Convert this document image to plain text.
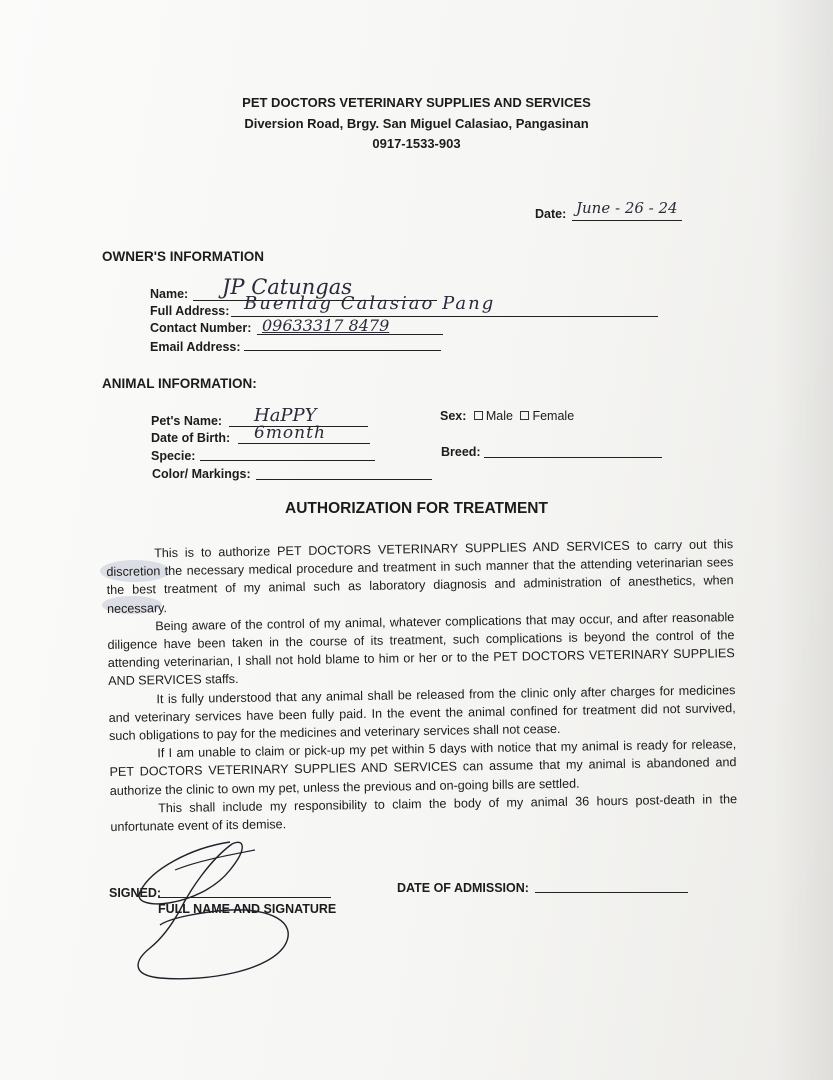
PET DOCTORS VETERINARY SUPPLIES AND SERVICES
Diversion Road, Brgy. San Miguel Calasiao, Pangasinan
0917-1533-903
Date: June - 26 - 24
OWNER'S INFORMATION
Name: JP Catungas
Full Address: Buenlag Calasiao Pang
Contact Number: 09633317 8479
Email Address:
ANIMAL INFORMATION:
Pet's Name: HaPPY
Date of Birth: 6month
Specie:
Color/ Markings:
Sex: Male Female
Breed:
AUTHORIZATION FOR TREATMENT

This is to authorize PET DOCTORS VETERINARY SUPPLIES AND SERVICES to carry out this discretion the necessary medical procedure and treatment in such manner that the attending veterinarian sees the best treatment of my animal such as laboratory diagnosis and administration of anesthetics, when necessary.

Being aware of the control of my animal, whatever complications that may occur, and after reasonable diligence have been taken in the course of its treatment, such complications is beyond the control of the attending veterinarian, I shall not hold blame to him or her or to the PET DOCTORS VETERINARY SUPPLIES AND SERVICES staffs.

It is fully understood that any animal shall be released from the clinic only after charges for medicines and veterinary services have been fully paid. In the event the animal confined for treatment did not survived, such obligations to pay for the medicines and veterinary services shall not cease.

If I am unable to claim or pick-up my pet within 5 days with notice that my animal is ready for release, PET DOCTORS VETERINARY SUPPLIES AND SERVICES can assume that my animal is abandoned and authorize the clinic to own my pet, unless the previous and on-going bills are settled.

This shall include my responsibility to claim the body of my animal 36 hours post-death in the unfortunate event of its demise.

SIGNED:
FULL NAME AND SIGNATURE
DATE OF ADMISSION:
